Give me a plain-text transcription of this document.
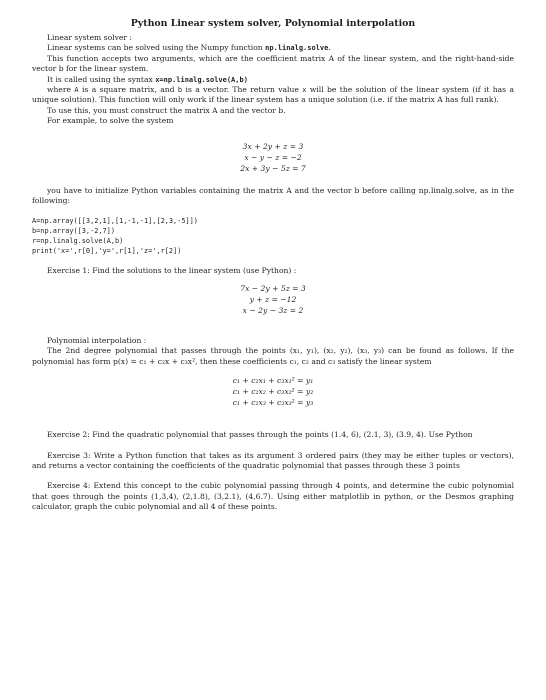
Python Linear system solver, Polynomial interpolation

Linear system solver :

Linear systems can be solved using the Numpy function np.linalg.solve.

This function accepts two arguments, which are the coefficient matrix A of the linear system, and the right-hand-side vector b for the linear system.

It is called using the syntax x=np.linalg.solve(A,b)

where A is a square matrix, and b is a vector. The return value x will be the solution of the linear system (if it has a unique solution). This function will only work if the linear system has a unique solution (i.e. if the matrix A has full rank).

To use this, you must construct the matrix A and the vector b.

For example, to solve the system

3x + 2y + z = 3
x − y − z = −2
2x + 3y − 5z = 7

you have to initialize Python variables containing the matrix A and the vector b before calling np.linalg.solve, as in the following:

A=np.array([[3,2,1],[1,-1,-1],[2,3,-5]])
b=np.array([3,-2,7])
r=np.linalg.solve(A,b)
print('x=',r[0],'y=',r[1],'z=',r[2])

Exercise 1: Find the solutions to the linear system (use Python) :

7x − 2y + 5z = 3
y + z = −12
x − 2y − 3z = 2

Polynomial interpolation :

The 2nd degree polynomial that passes through the points (x₁, y₁), (x₂, y₂), (x₃, y₃) can be found as follows. If the polynomial has form p(x) = c₁ + c₂x + c₃x², then these coefficients c₁, c₂ and c₃ satisfy the linear system

c₁ + c₂x₁ + c₃x₁² = y₁
c₁ + c₂x₂ + c₃x₂² = y₂
c₁ + c₂x₃ + c₃x₃² = y₃

Exercise 2: Find the quadratic polynomial that passes through the points (1.4, 6), (2.1, 3), (3.9, 4). Use Python

Exercise 3: Write a Python function that takes as its argument 3 ordered pairs (they may be either tuples or vectors), and returns a vector containing the coefficients of the quadratic polynomial that passes through these 3 points

Exercise 4: Extend this concept to the cubic polynomial passing through 4 points, and determine the cubic polynomial that goes through the points (1,3,4), (2,1.8), (3,2.1), (4,6.7). Using either matplotlib in python, or the Desmos graphing calculator, graph the cubic polynomial and all 4 of these points.
